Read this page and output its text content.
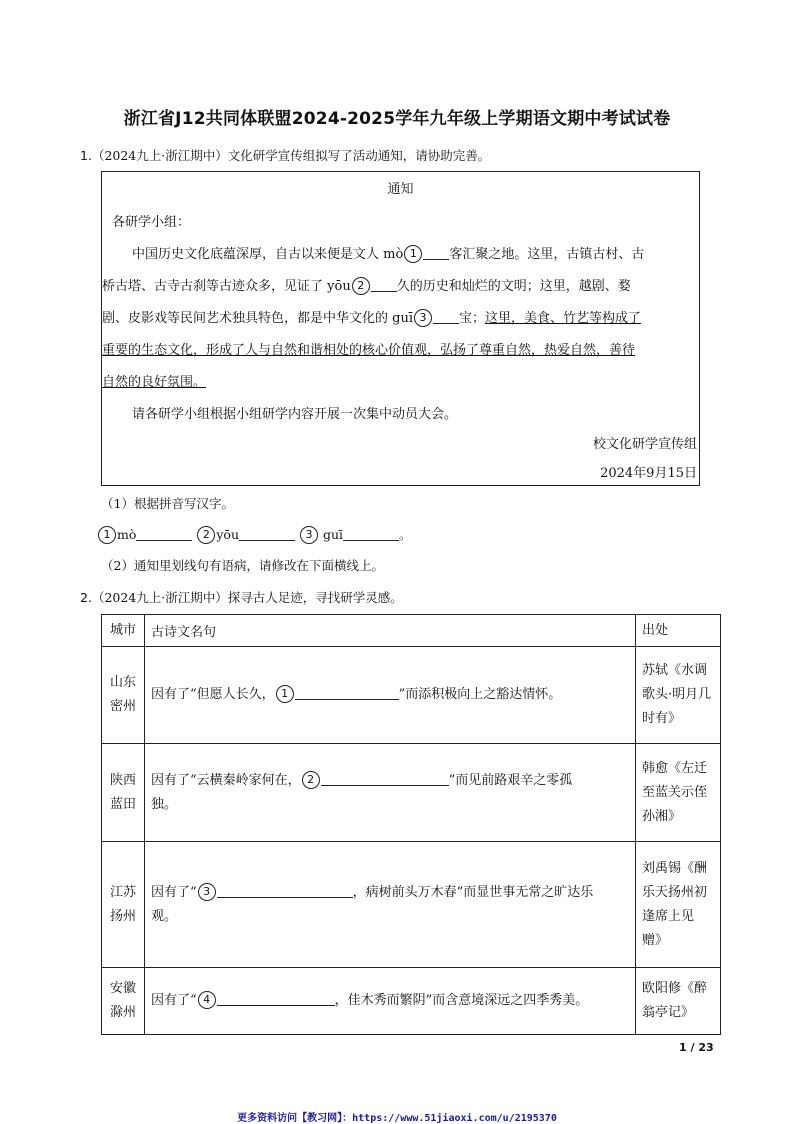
浙江省J12共同体联盟2024-2025学年九年级上学期语文期中考试试卷
1.（2024九上·浙江期中）文化研学宣传组拟写了活动通知，请协助完善。
通知
各研学小组：
中国历史文化底蕴深厚，自古以来便是文人 mò 1	客汇聚之地。这里，古镇古村、古
桥古塔、古寺古刹等古迹众多，见证了 yōu 2	久的历史和灿烂的文明；这里，越剧、婺
剧、皮影戏等民间艺术独具特色，都是中华文化的 guī 3	宝；这里，美食、竹艺等构成了
重要的生态文化，形成了人与自然和谐相处的核心价值观，弘扬了尊重自然，热爱自然，善待
自然的良好氛围。
请各研学小组根据小组研学内容开展一次集中动员大会。
校文化研学宣传组
2024年9月15日
（1）根据拼音写汉字。
1 mò	2 yōu	3 guī	。
（2）通知里划线句有语病，请修改在下面横线上。
2.（2024九上·浙江期中）探寻古人足迹，寻找研学灵感。
城市	古诗文名句	出处
山东
密州	因有了“但愿人长久， 1 ”而添积极向上之豁达情怀。	苏轼《水调
歌头·明月几
时有》
陕西
蓝田	因有了“云横秦岭家何在， 2 ”而见前路艰辛之零孤
独。	韩愈《左迁
至蓝关示侄
孙湘》
江苏
扬州	因有了“ 3 ，病树前头万木春”而显世事无常之旷达乐
观。	刘禹锡《酬
乐天扬州初
逢席上见
赠》
安徽
滁州	因有了“ 4 ，佳木秀而繁阴”而含意境深远之四季秀美。	欧阳修《醉
翁亭记》
1 / 23
更多资料访问【教习网】：https://www.51jiaoxi.com/u/2195370
